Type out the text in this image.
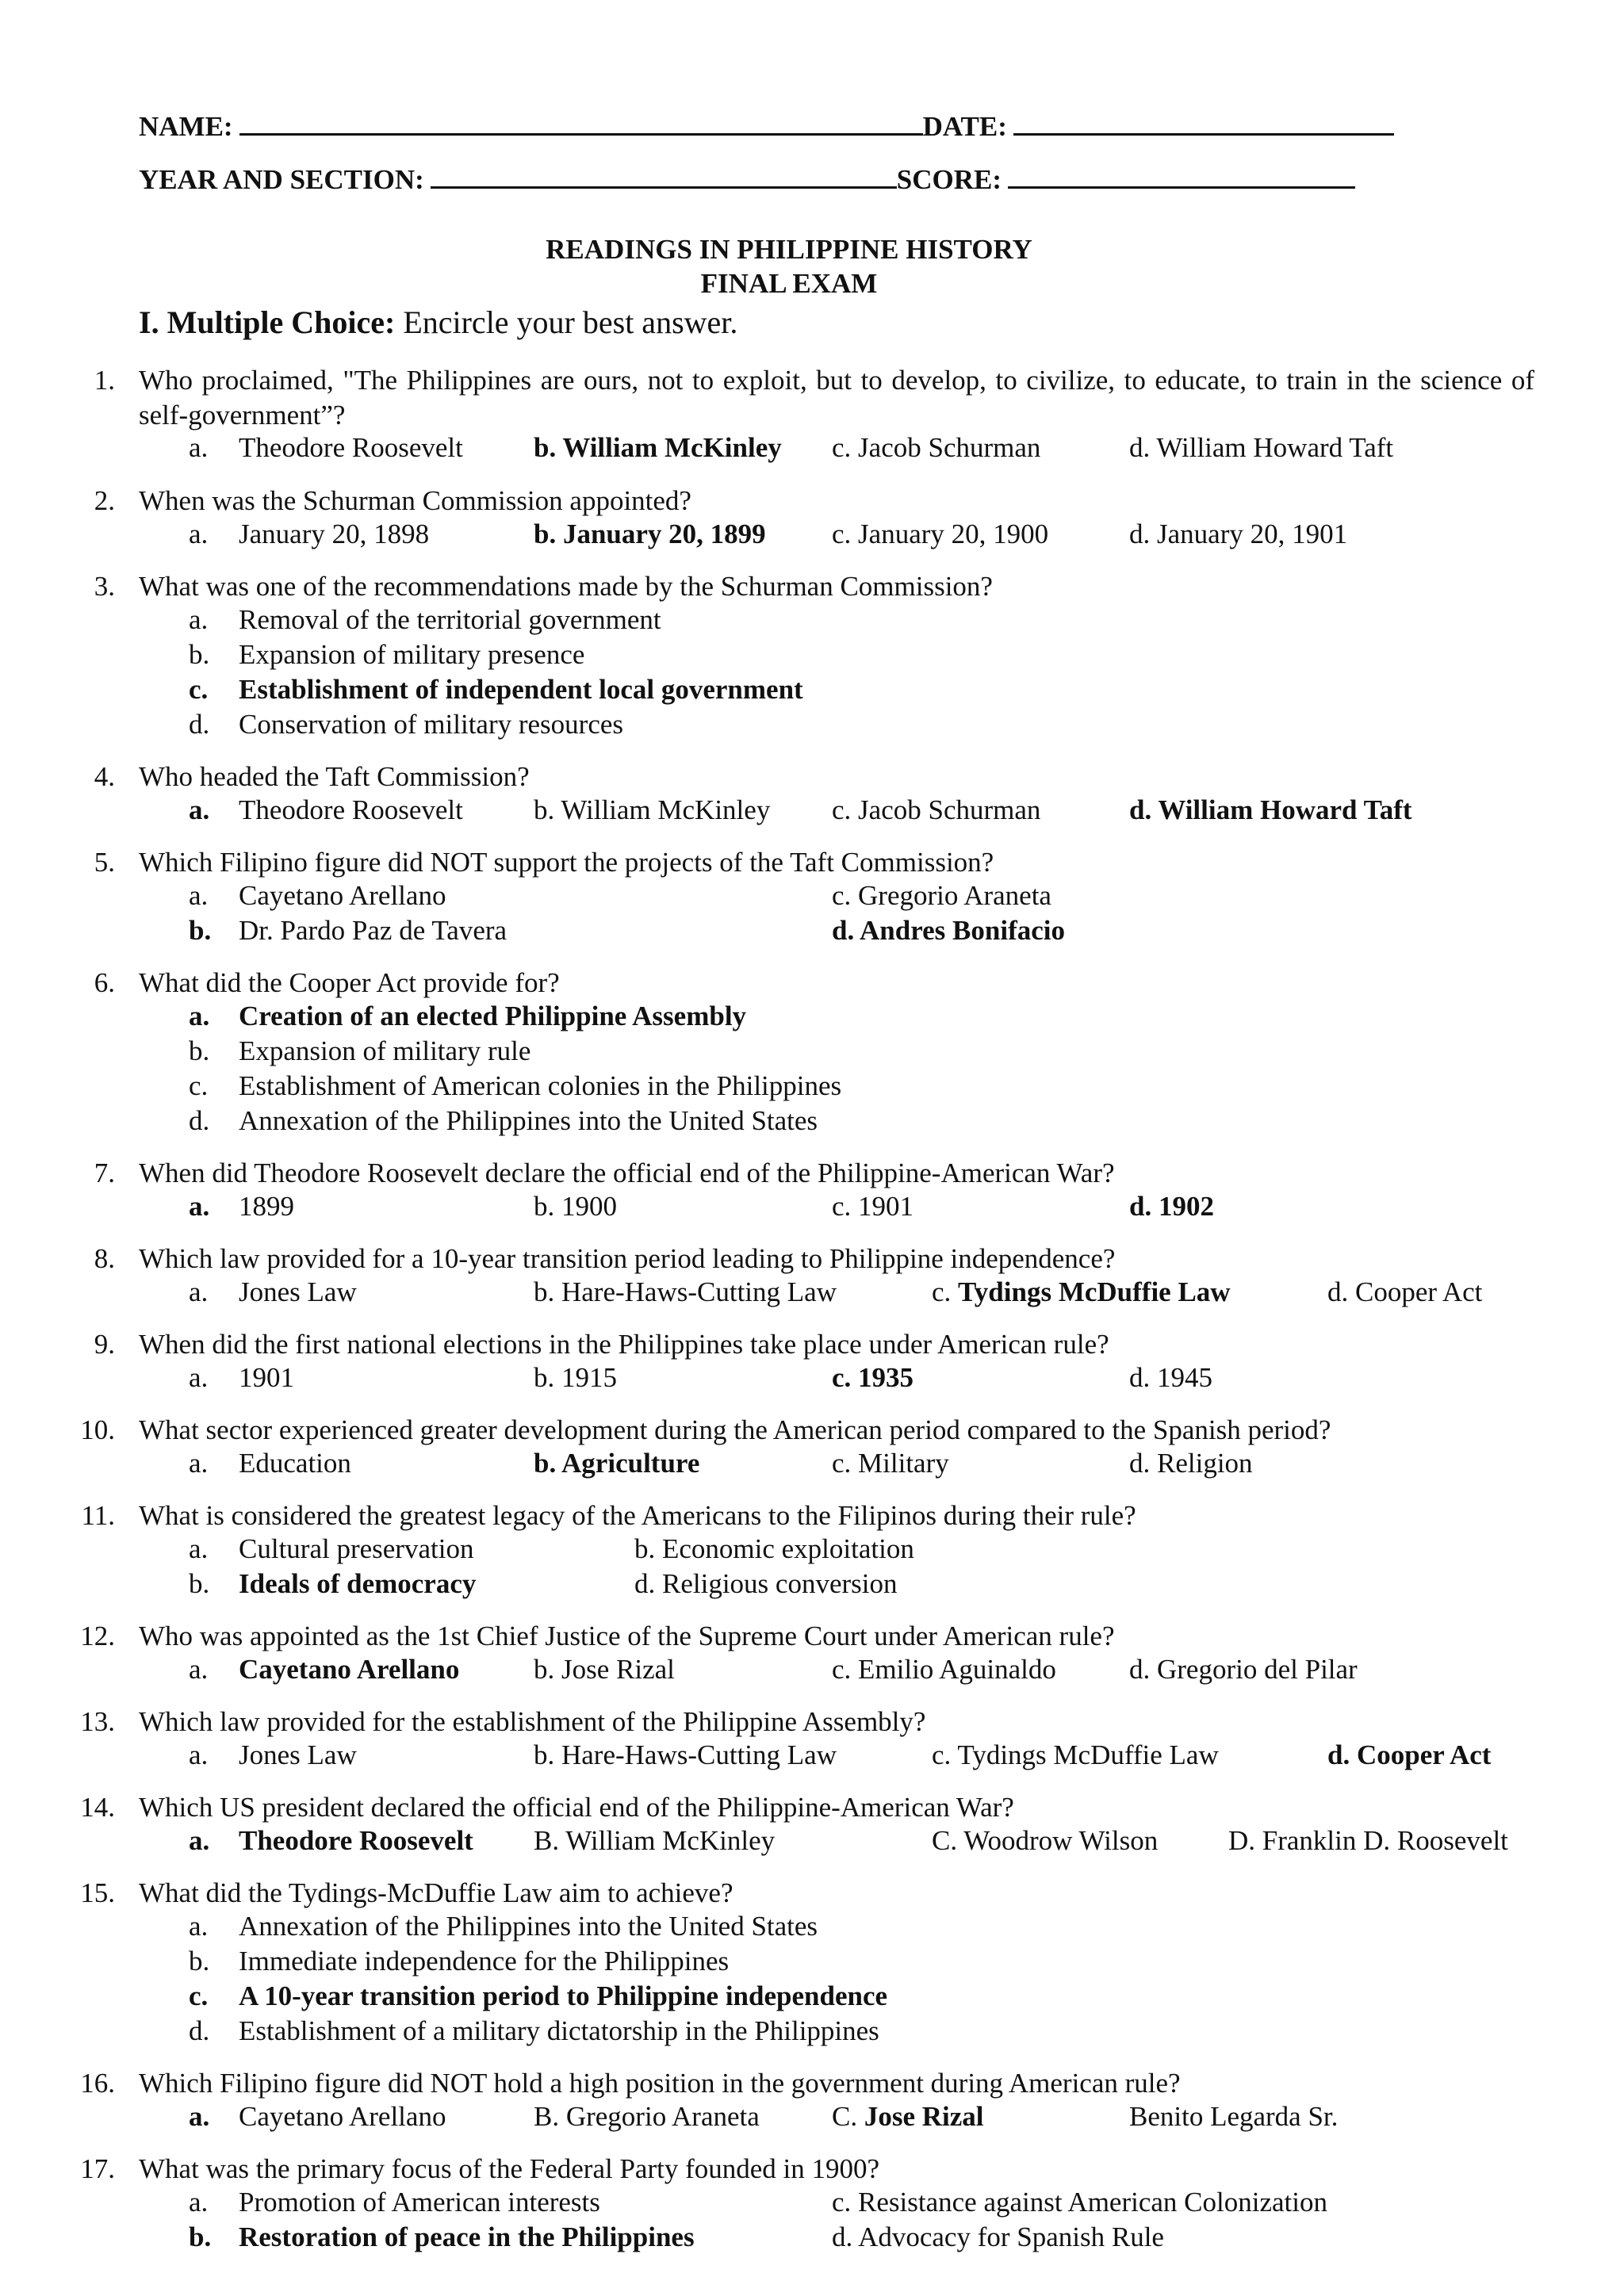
NAME:	DATE:
YEAR AND SECTION:	SCORE:
READINGS IN PHILIPPINE HISTORY
FINAL EXAM
I. Multiple Choice: Encircle your best answer.
1. Who proclaimed, "The Philippines are ours, not to exploit, but to develop, to civilize, to educate, to train in the science of self-government”?
a. Theodore Roosevelt	b. William McKinley c. Jacob Schurman	d. William Howard Taft
2. When was the Schurman Commission appointed?
a. January 20, 1898	b. January 20, 1899 c. January 20, 1900	d. January 20, 1901
3. What was one of the recommendations made by the Schurman Commission?
a. Removal of the territorial government
b. Expansion of military presence
c. Establishment of independent local government
d. Conservation of military resources
4. Who headed the Taft Commission?
a. Theodore Roosevelt	b. William McKinley c. Jacob Schurman	d. William Howard Taft
5. Which Filipino figure did NOT support the projects of the Taft Commission?
a. Cayetano Arellano	c. Gregorio Araneta
b. Dr. Pardo Paz de Tavera	d. Andres Bonifacio
6. What did the Cooper Act provide for?
a. Creation of an elected Philippine Assembly
b. Expansion of military rule
c. Establishment of American colonies in the Philippines
d. Annexation of the Philippines into the United States
7. When did Theodore Roosevelt declare the official end of the Philippine-American War?
a. 1899	b. 1900	c. 1901	d. 1902
8. Which law provided for a 10-year transition period leading to Philippine independence?
a. Jones Law	b. Hare-Haws-Cutting Law	c. Tydings McDuffie Law	d. Cooper Act
9. When did the first national elections in the Philippines take place under American rule?
a. 1901	b. 1915	c. 1935	d. 1945
10. What sector experienced greater development during the American period compared to the Spanish period?
a. Education	b. Agriculture	c. Military	d. Religion
11. What is considered the greatest legacy of the Americans to the Filipinos during their rule?
a. Cultural preservation	b. Economic exploitation
b. Ideals of democracy	d. Religious conversion
12. Who was appointed as the 1st Chief Justice of the Supreme Court under American rule?
a. Cayetano Arellano	b. Jose Rizal	c. Emilio Aguinaldo	d. Gregorio del Pilar
13. Which law provided for the establishment of the Philippine Assembly?
a. Jones Law	b. Hare-Haws-Cutting Law	c. Tydings McDuffie Law	d. Cooper Act
14. Which US president declared the official end of the Philippine-American War?
a. Theodore Roosevelt B. William McKinley	C. Woodrow Wilson	D. Franklin D. Roosevelt
15. What did the Tydings-McDuffie Law aim to achieve?
a. Annexation of the Philippines into the United States
b. Immediate independence for the Philippines
c. A 10-year transition period to Philippine independence
d. Establishment of a military dictatorship in the Philippines
16. Which Filipino figure did NOT hold a high position in the government during American rule?
a. Cayetano Arellano	B. Gregorio Araneta	C. Jose Rizal	Benito Legarda Sr.
17. What was the primary focus of the Federal Party founded in 1900?
a. Promotion of American interests	c. Resistance against American Colonization
b. Restoration of peace in the Philippines	d. Advocacy for Spanish Rule
